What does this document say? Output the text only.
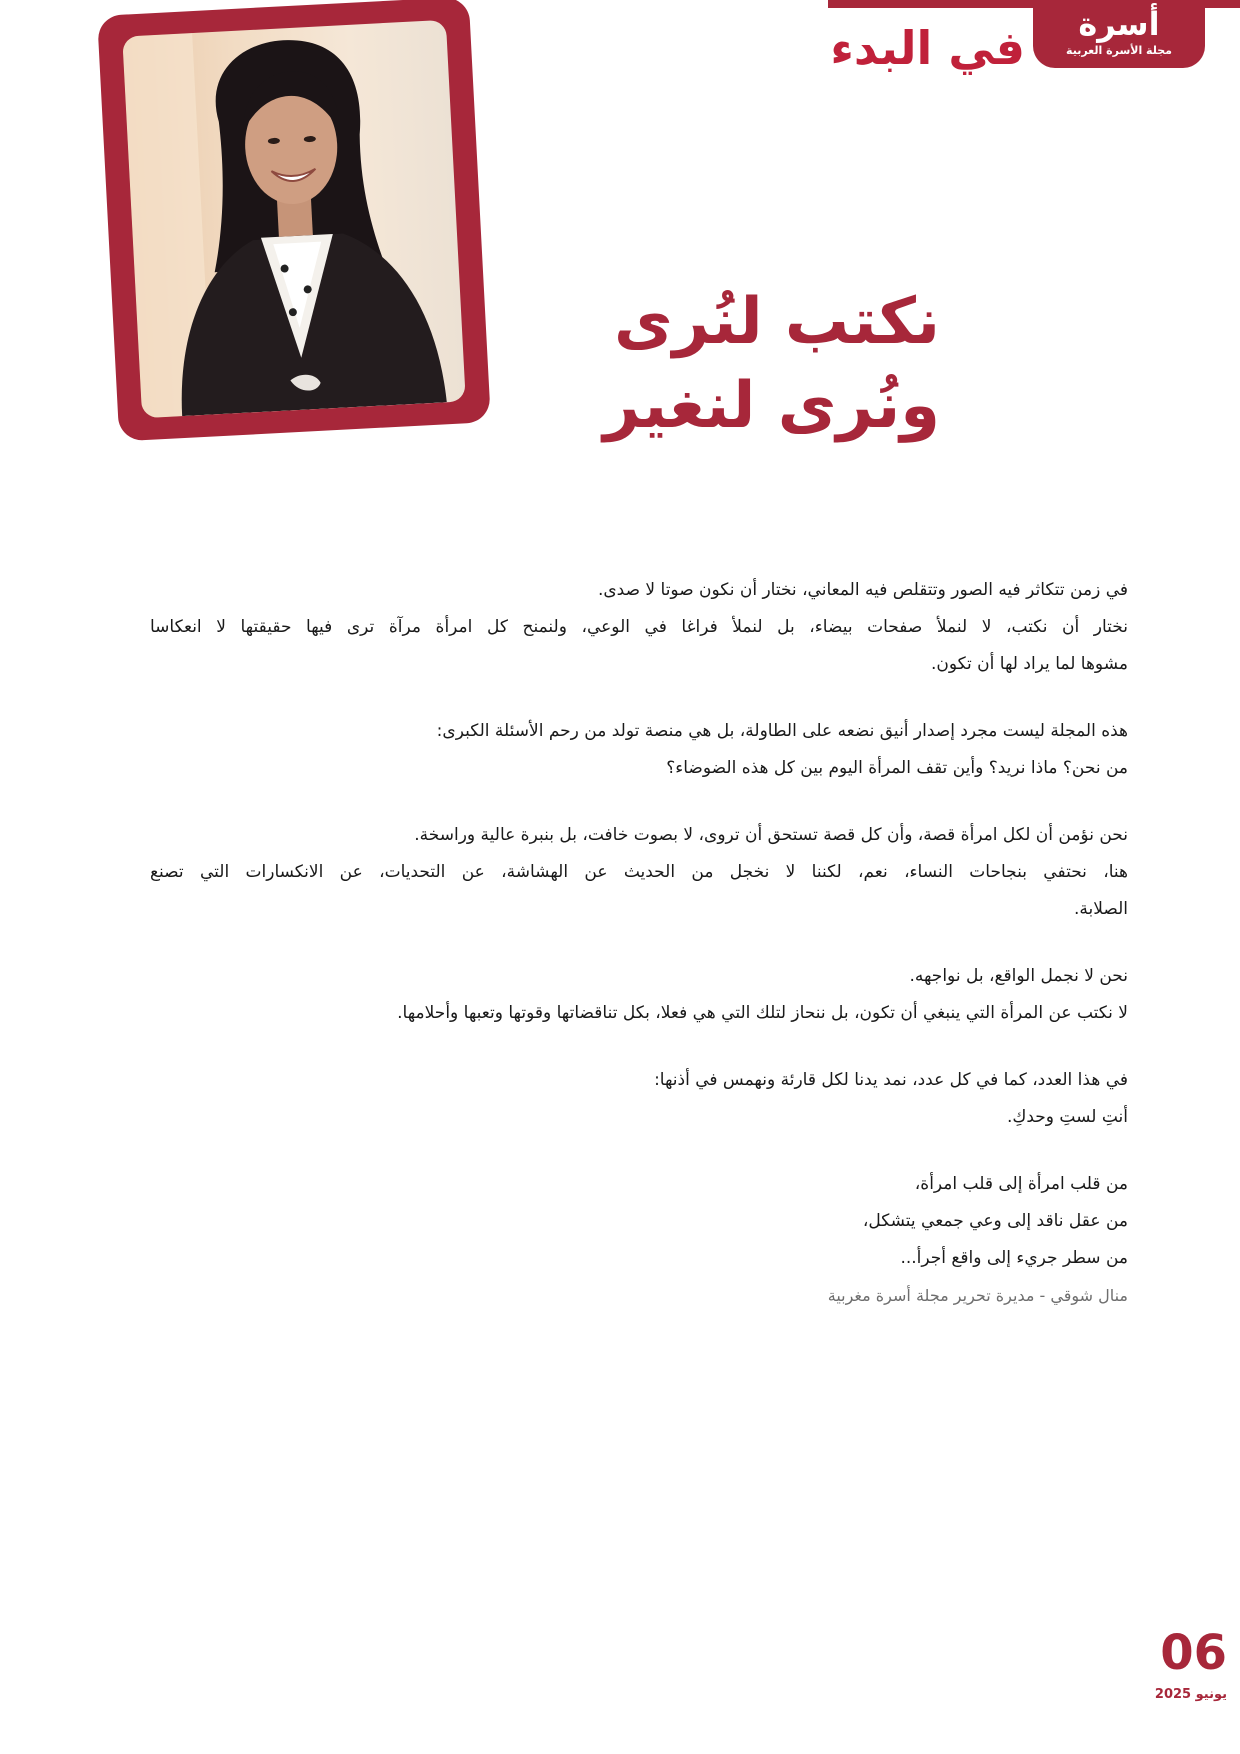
أسرة
مجلة الأسرة العربية
في البدء
نكتب لنُرى
ونُرى لنغير

في زمن تتكاثر فيه الصور وتتقلص فيه المعاني، نختار أن نكون صوتا لا صدى.

نختار أن نكتب، لا لنملأ صفحات بيضاء، بل لنملأ فراغا في الوعي، ولنمنح كل امرأة مرآة ترى فيها حقيقتها لا انعكاسا

مشوها لما يراد لها أن تكون.

هذه المجلة ليست مجرد إصدار أنيق نضعه على الطاولة، بل هي منصة تولد من رحم الأسئلة الكبرى:

من نحن؟ ماذا نريد؟ وأين تقف المرأة اليوم بين كل هذه الضوضاء؟

نحن نؤمن أن لكل امرأة قصة، وأن كل قصة تستحق أن تروى، لا بصوت خافت، بل بنبرة عالية وراسخة.

هنا، نحتفي بنجاحات النساء، نعم، لكننا لا نخجل من الحديث عن الهشاشة، عن التحديات، عن الانكسارات التي تصنع

الصلابة.

نحن لا نجمل الواقع، بل نواجهه.

لا نكتب عن المرأة التي ينبغي أن تكون، بل ننحاز لتلك التي هي فعلا، بكل تناقضاتها وقوتها وتعبها وأحلامها.

في هذا العدد، كما في كل عدد، نمد يدنا لكل قارئة ونهمس في أذنها:

أنتِ لستِ وحدكِ.

من قلب امرأة إلى قلب امرأة،

من عقل ناقد إلى وعي جمعي يتشكل،

من سطر جريء إلى واقع أجرأ...

منال شوقي - مديرة تحرير مجلة أسرة مغربية
06
يونيو 2025
